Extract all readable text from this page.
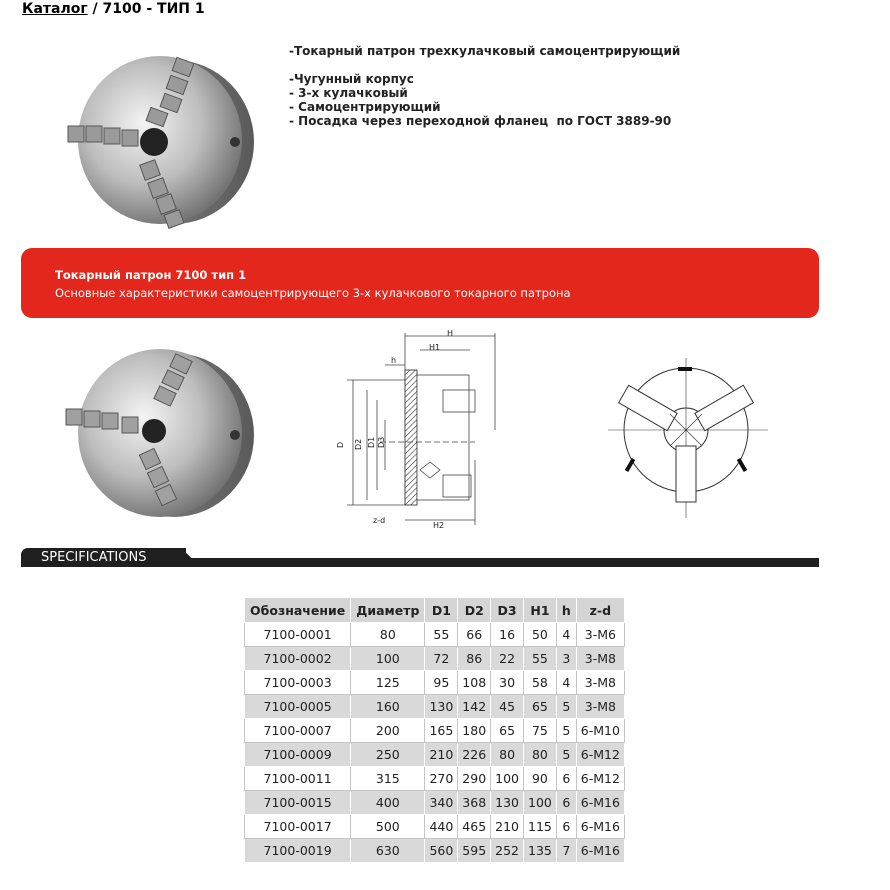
Каталог / 7100 - ТИП 1
-Токарный патрон трехкулачковый самоцентрирующий
-Чугунный корпус
- 3-х кулачковый
- Самоцентрирующий
- Посадка через переходной фланец  по ГОСТ 3889-90
Токарный патрон 7100 тип 1
Основные характеристики самоцентрирующего 3-х кулачкового токарного патрона
H
H1
h
D D2 D1 D3
z-d
H2
SPECIFICATIONS
Обозначение	Диаметр	D1	D2	D3	H1	h	z-d
7100-0001	80	55	66	16	50	4	3-M6
7100-0002	100	72	86	22	55	3	3-M8
7100-0003	125	95	108	30	58	4	3-M8
7100-0005	160	130	142	45	65	5	3-M8
7100-0007	200	165	180	65	75	5	6-M10
7100-0009	250	210	226	80	80	5	6-M12
7100-0011	315	270	290	100	90	6	6-M12
7100-0015	400	340	368	130	100	6	6-M16
7100-0017	500	440	465	210	115	6	6-M16
7100-0019	630	560	595	252	135	7	6-M16
